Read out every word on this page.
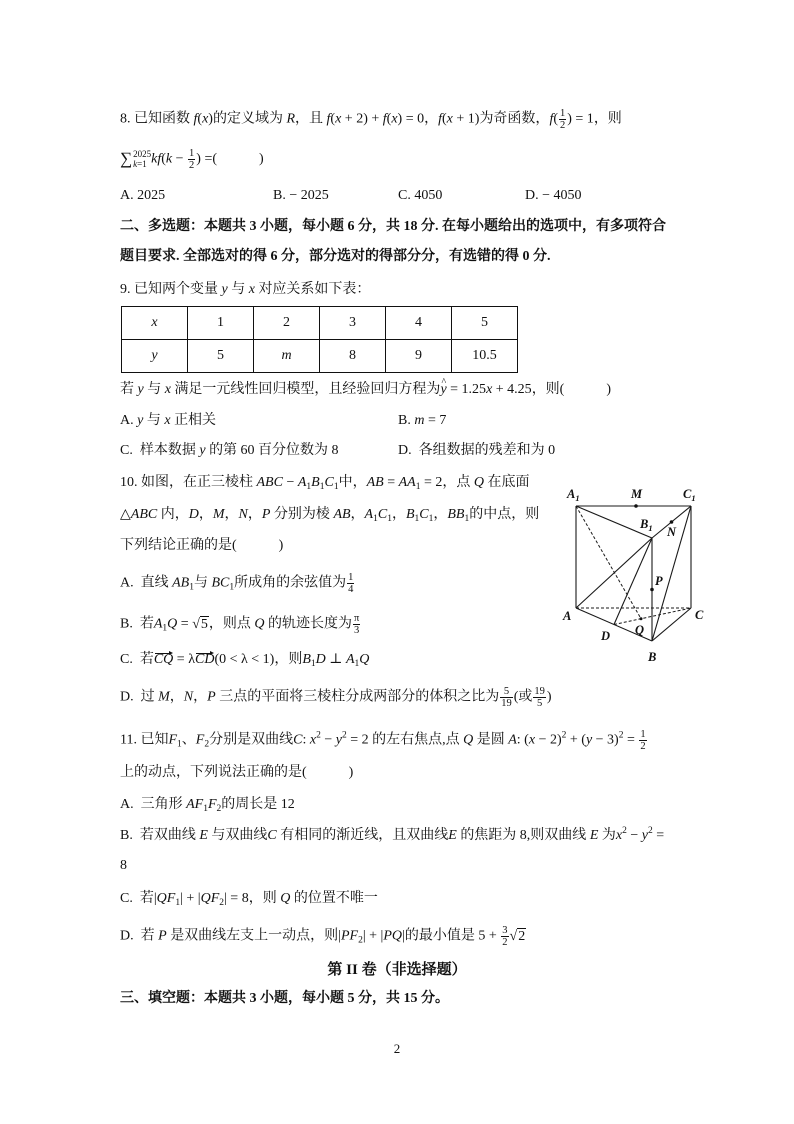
8. 已知函数 f(x)的定义域为 R，且 f(x + 2) + f(x) = 0，f(x + 1)为奇函数，$f( \frac{1}{2}$ ) = 1，则
∑ 2025
k=1 $kf(k - \frac{1}{2}$ ) =(　　　)
A. 2025	B. − 2025	C. 4050	D. − 4050
二、多选题：本题共 3 小题，每小题 6 分，共 18 分. 在每小题给出的选项中，有多项符合
题目要求. 全部选对的得 6 分，部分选对的得部分分，有选错的得 0 分.
9. 已知两个变量 y 与 x 对应关系如下表：
x	1	2	3	4	5
y	5	m	8	9	10.5
若 y 与 x 满足一元线性回归模型，且经验回归方程为^ y = 1.25x + 4.25，则(　　　)
A. y 与 x 正相关	B. m = 7
C.  样本数据 y 的第 60 百分位数为 8	D.  各组数据的残差和为 0
10. 如图，在正三棱柱 ABC − $A_1B_1C_1$中，AB = $AA_1 = 2$，点 Q 在底面
△ABC 内，D，M，N，P 分别为棱 AB，$A_1C_1$，$B_1C_1$，$BB_1$的中点，则
下列结论正确的是(　　　)
A.  直线 $AB_1$与 $BC_1$所成角的余弦值为 $\frac{1}{4}$
B.  若$A_1Q$ = √ 5，则点 Q 的轨迹长度为 $\frac{\pi}{3}$
C.  若CQ = λCD(0 < λ < 1)，则$B_1D$ ⊥ $A_1Q$
D.  过 M，N，P 三点的平面将三棱柱分成两部分的体积之比为 $\frac{5}{19}$ (或 $\frac{19}{5}$ )
$A_1$	M	$C_1$
$B_1$ N
P
A
D Q
C
B
11. 已知$F_1$、$F_2$分别是双曲线C: $x^2 - y^2 = 2$ 的左右焦点,点 Q 是圆 A: $(x - 2)^2 + (y - 3)^2 = \frac{1}{2}$
上的动点，下列说法正确的是(　　　)
A.  三角形 $AF_1F_2$的周长是 12
B.  若双曲线 E 与双曲线C 有相同的渐近线，且双曲线E 的焦距为 8,则双曲线 E 为$x^2 - y^2$ =
8
C.  若$|QF_1| + |QF_2| = 8$，则 Q 的位置不唯一
D.  若 P 是双曲线左支上一动点，则$|PF_2| + |PQ|$的最小值是 $5 + \frac{3}{2}$ √ 2
第 II 卷（非选择题）
三、填空题：本题共 3 小题，每小题 5 分，共 15 分。
2
